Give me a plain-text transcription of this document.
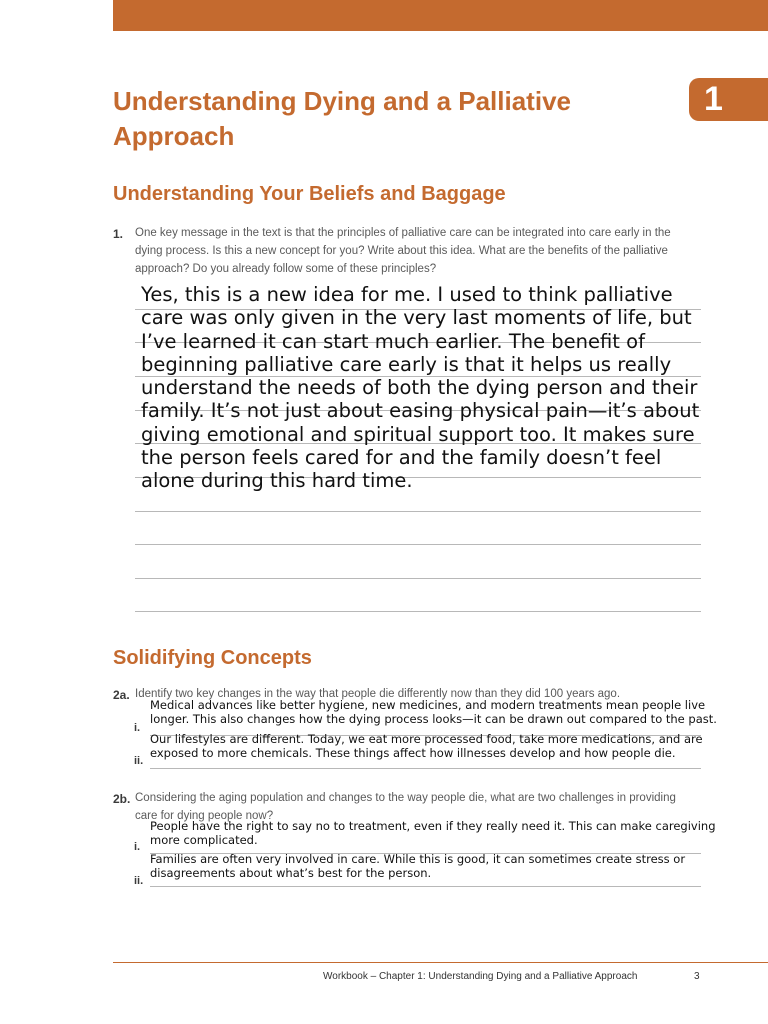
1
Understanding Dying and a Palliative Approach
Understanding Your Beliefs and Baggage
1. One key message in the text is that the principles of palliative care can be integrated into care early in the dying process. Is this a new concept for you? Write about this idea. What are the benefits of the palliative approach? Do you already follow some of these principles?
Yes, this is a new idea for me. I used to think palliative care was only given in the very last moments of life, but I’ve learned it can start much earlier. The benefit of beginning palliative care early is that it helps us really understand the needs of both the dying person and their family. It’s not just about easing physical pain—it’s about giving emotional and spiritual support too. It makes sure the person feels cared for and the family doesn’t feel alone during this hard time.
Solidifying Concepts
2a. Identify two key changes in the way that people die differently now than they did 100 years ago.
i.
Medical advances like better hygiene, new medicines, and modern treatments mean people live longer. This also changes how the dying process looks—it can be drawn out compared to the past.
ii.
Our lifestyles are different. Today, we eat more processed food, take more medications, and are exposed to more chemicals. These things affect how illnesses develop and how people die.
2b. Considering the aging population and changes to the way people die, what are two challenges in providing care for dying people now?
i.
People have the right to say no to treatment, even if they really need it. This can make caregiving more complicated.
ii.
Families are often very involved in care. While this is good, it can sometimes create stress or disagreements about what’s best for the person.
Workbook – Chapter 1: Understanding Dying and a Palliative Approach	3
